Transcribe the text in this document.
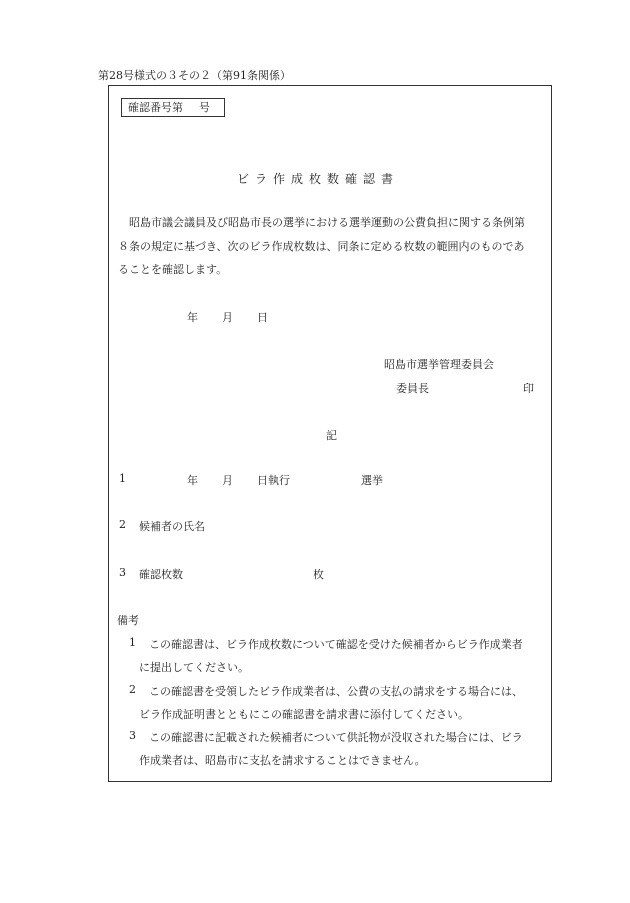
第28号様式の３その２（第91条関係）
確認番号第 号
ビラ作成枚数確認書
　昭島市議会議員及び昭島市長の選挙における選挙運動の公費負担に関する条例第
８条の規定に基づき、次のビラ作成枚数は、同条に定める枚数の範囲内のものであ
ることを確認します。
年 月 日
昭島市選挙管理委員会
委員長	印
記
1	年 月 日執行	選挙
2 候補者の氏名
3 確認枚数	枚
備考
1 この確認書は、ビラ作成枚数について確認を受けた候補者からビラ作成業者
に提出してください。
2 この確認書を受領したビラ作成業者は、公費の支払の請求をする場合には、
ビラ作成証明書とともにこの確認書を請求書に添付してください。
3 この確認書に記載された候補者について供託物が没収された場合には、ビラ
作成業者は、昭島市に支払を請求することはできません。
